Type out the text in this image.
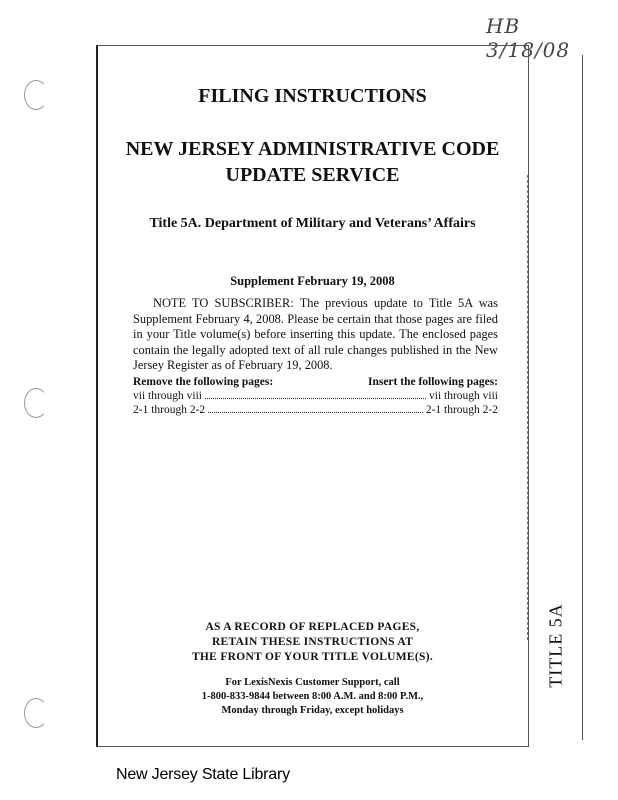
HB 3/18/08
TITLE 5A
FILING INSTRUCTIONS
NEW JERSEY ADMINISTRATIVE CODE
UPDATE SERVICE
Title 5A. Department of Military and Veterans’ Affairs
Supplement February 19, 2008
NOTE TO SUBSCRIBER: The previous update to Title 5A was Supplement February 4, 2008. Please be certain that those pages are filed in your Title volume(s) before inserting this update. The enclosed pages contain the legally adopted text of all rule changes published in the New Jersey Register as of February 19, 2008.
Remove the following pages:	Insert the following pages:
vii through viii	vii through viii
2-1 through 2-2	2-1 through 2-2
AS A RECORD OF REPLACED PAGES,
RETAIN THESE INSTRUCTIONS AT
THE FRONT OF YOUR TITLE VOLUME(S).
For LexisNexis Customer Support, call
1-800-833-9844 between 8:00 A.M. and 8:00 P.M.,
Monday through Friday, except holidays
New Jersey State Library
